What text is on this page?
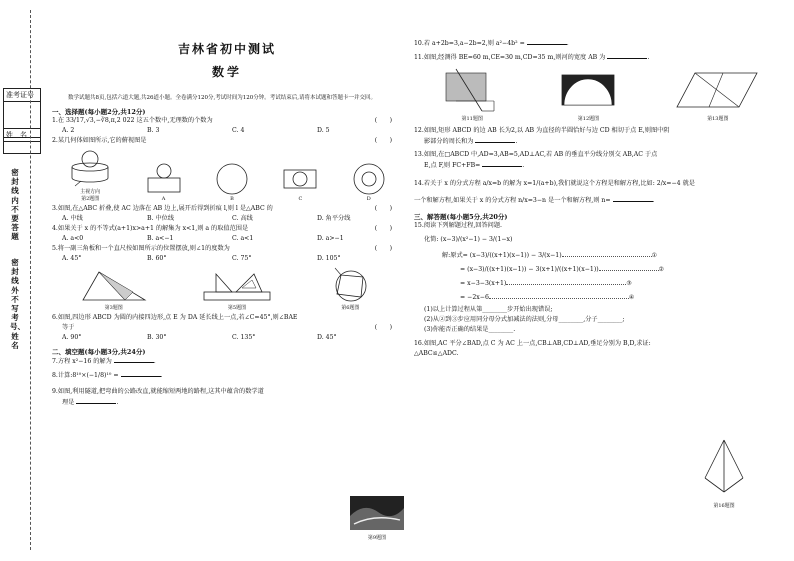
准考证号
姓　名
密封线内不要答题
密封线外不写考号、姓名
吉林省初中测试
数学
数学试题共8页,包括六道大题,共26道小题。全卷满分120分,考试时间为120分钟。考试结束后,请将本试题和答题卡一并交回。
一、选择题(每小题2分,共12分)
1.在 33/17,√3,−∛8,π,2 022 这五个数中,无理数的个数为	(　　)
A. 2	B. 3	C. 4	D. 5
2.某几何体如图所示,它的俯视图是	(　　)
主视方向
第2题图	A	B	C	D
3.如图,在△ABC 折叠,使 AC 边落在 AB 边上,展开后得到折痕 l,则 l 是△ABC 的	(　　)
A. 中线	B. 中位线	C. 高线	D. 角平分线
4.如果关于 x 的不等式(a+1)x>a+1 的解集为 x<1,则 a 的取值范围是	(　　)
A. a<0	B. a<−1	C. a<1	D. a>−1
5.将一副三角板和一个直尺按如图所示的位置摆放,则∠1的度数为	(　　)
A. 45°	B. 60°	C. 75°	D. 105°
第3题图	第5题图	第6题图
6.如图,四边形 ABCD 为圆的内接四边形,点 E 为 DA 延长线上一点,若∠C=45°,则∠BAE
等于	(　　)
A. 90°	B. 30°	C. 135°	D. 45°
二、填空题(每小题3分,共24分)
7.方程 x²−16 的解为	.
8.计算:8¹⁰×(−1/8)¹⁰ =	.
9.如图,利用隧道,把弯曲的公路改直,就能缩短两地的路程,这其中蕴含的数学道
理是	.
第9题图
10.若 a+2b=3,a−2b=2,则 a²−4b² =	.
11.如图,经测得 BE=60 m,CE=30 m,CD=35 m,则河的宽度 AB 为	.
第11题图	第12题图	第13题图
12.如图,矩形 ABCD 的边 AB 长为2,以 AB 为直径的半圆恰好与边 CD 相切于点 E,则图中阴
影部分的周长和为	.
13.如图,在□ABCD 中,AD=3,AB=5,AD⊥AC,若 AB 的垂直平分线分别交 AB,AC 于点
E,点 F,则 FC+FB=	.
14.若关于 x 的分式方程 a/x=b 的解为 x=1/(a+b),我们就说这个方程是和解方程,比如: 2/x=−4 就是
一个和解方程,如果关于 x 的分式方程 n/x=3−n 是一个和解方程,则 n=	.
三、解答题(每小题5分,共20分)
15.阅读下列解题过程,回答问题.
化简: (x−3)/(x²−1) − 3/(1−x)
解:原式= (x−3)/((x+1)(x−1)) − 3/(x−1)	①
= (x−3)/((x+1)(x−1)) − 3(x+1)/((x+1)(x−1))	②
= x−3−3(x+1)	③
= −2x−6	④
(1)以上计算过程从第________步开始出现错误;
(2)从②到③步应用同分母分式加减法的法则,分母________,分子________;
(3)你能否正确的结果是________.
16.如图,AC 平分∠BAD,点 C 为 AC 上一点,CB⊥AB,CD⊥AD,垂足分别为 B,D,求证:
△ABC≌△ADC.
第16题图
